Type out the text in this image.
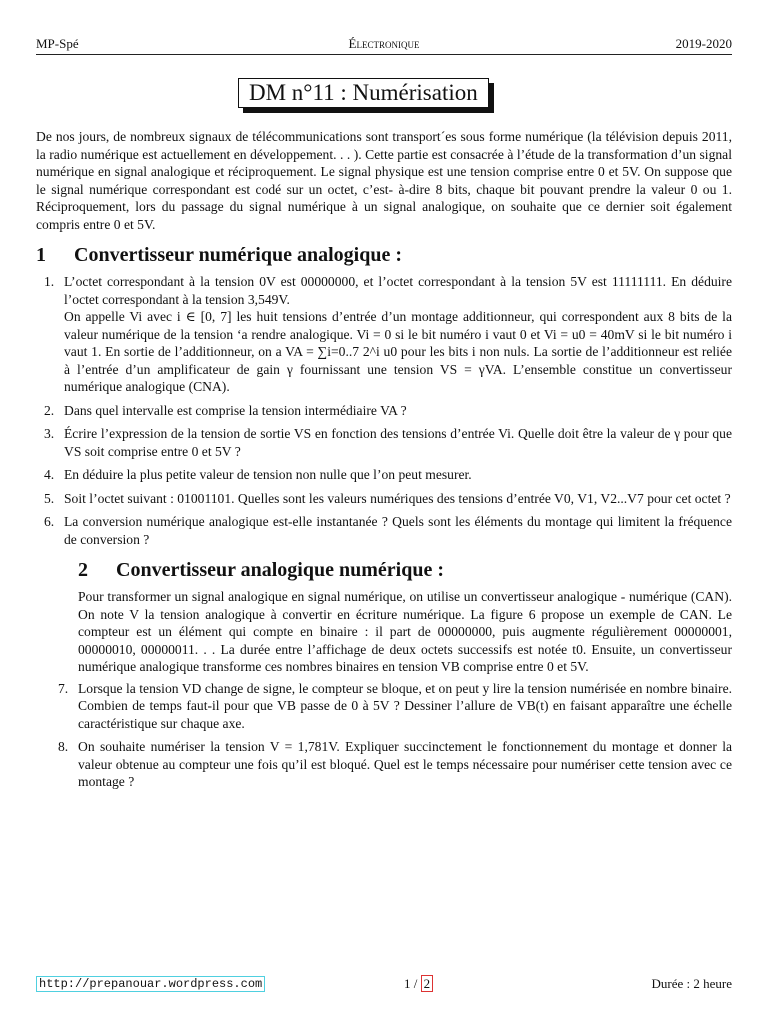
MP-Spé	Électronique	2019-2020
DM n°11 : Numérisation

De nos jours, de nombreux signaux de télécommunications sont transport´es sous forme numérique (la télévision depuis 2011, la radio numérique est actuellement en développement. . . ). Cette partie est consacrée à l’étude de la transformation d’un signal numérique en signal analogique et réciproquement. Le signal physique est une tension comprise entre 0 et 5V. On suppose que le signal numérique correspondant est codé sur un octet, c’est- à-dire 8 bits, chaque bit pouvant prendre la valeur 0 ou 1. Réciproquement, lors du passage du signal numérique à un signal analogique, on souhaite que ce dernier soit également compris entre 0 et 5V.

1 Convertisseur numérique analogique :
1. L’octet correspondant à la tension 0V est 00000000, et l’octet correspondant à la tension 5V est 11111111. En déduire l’octet correspondant à la tension 3,549V.

On appelle Vi avec i ∈ [0, 7] les huit tensions d’entrée d’un montage additionneur, qui correspondent aux 8 bits de la valeur numérique de la tension ‘a rendre analogique. Vi = 0 si le bit numéro i vaut 0 et Vi = u0 = 40mV si le bit numéro i vaut 1. En sortie de l’additionneur, on a VA = ∑i=0..7 2^i u0 pour les bits i non nuls. La sortie de l’additionneur est reliée à l’entrée d’un amplificateur de gain γ fournissant une tension VS = γVA. L’ensemble constitue un convertisseur numérique analogique (CNA).

2. Dans quel intervalle est comprise la tension intermédiaire VA ?

3. Écrire l’expression de la tension de sortie VS en fonction des tensions d’entrée Vi. Quelle doit être la valeur de γ pour que VS soit comprise entre 0 et 5V ?

4. En déduire la plus petite valeur de tension non nulle que l’on peut mesurer.

5. Soit l’octet suivant : 01001101. Quelles sont les valeurs numériques des tensions d’entrée V0, V1, V2...V7 pour cet octet ?

6. La conversion numérique analogique est-elle instantanée ? Quels sont les éléments du montage qui limitent la fréquence de conversion ?

2 Convertisseur analogique numérique :

Pour transformer un signal analogique en signal numérique, on utilise un convertisseur analogique - numérique (CAN). On note V la tension analogique à convertir en écriture numérique. La figure 6 propose un exemple de CAN. Le compteur est un élément qui compte en binaire : il part de 00000000, puis augmente régulièrement 00000001, 00000010, 00000011. . . La durée entre l’affichage de deux octets successifs est notée t0. Ensuite, un convertisseur numérique analogique transforme ces nombres binaires en tension VB comprise entre 0 et 5V.

7. Lorsque la tension VD change de signe, le compteur se bloque, et on peut y lire la tension numérisée en nombre binaire. Combien de temps faut-il pour que VB passe de 0 à 5V ? Dessiner l’allure de VB(t) en faisant apparaître une échelle caractéristique sur chaque axe.

8. On souhaite numériser la tension V = 1,781V. Expliquer succinctement le fonctionnement du montage et donner la valeur obtenue au compteur une fois qu’il est bloqué. Quel est le temps nécessaire pour numériser cette tension avec ce montage ?

http://prepanouar.wordpress.com	1 / 2	Durée : 2 heure
